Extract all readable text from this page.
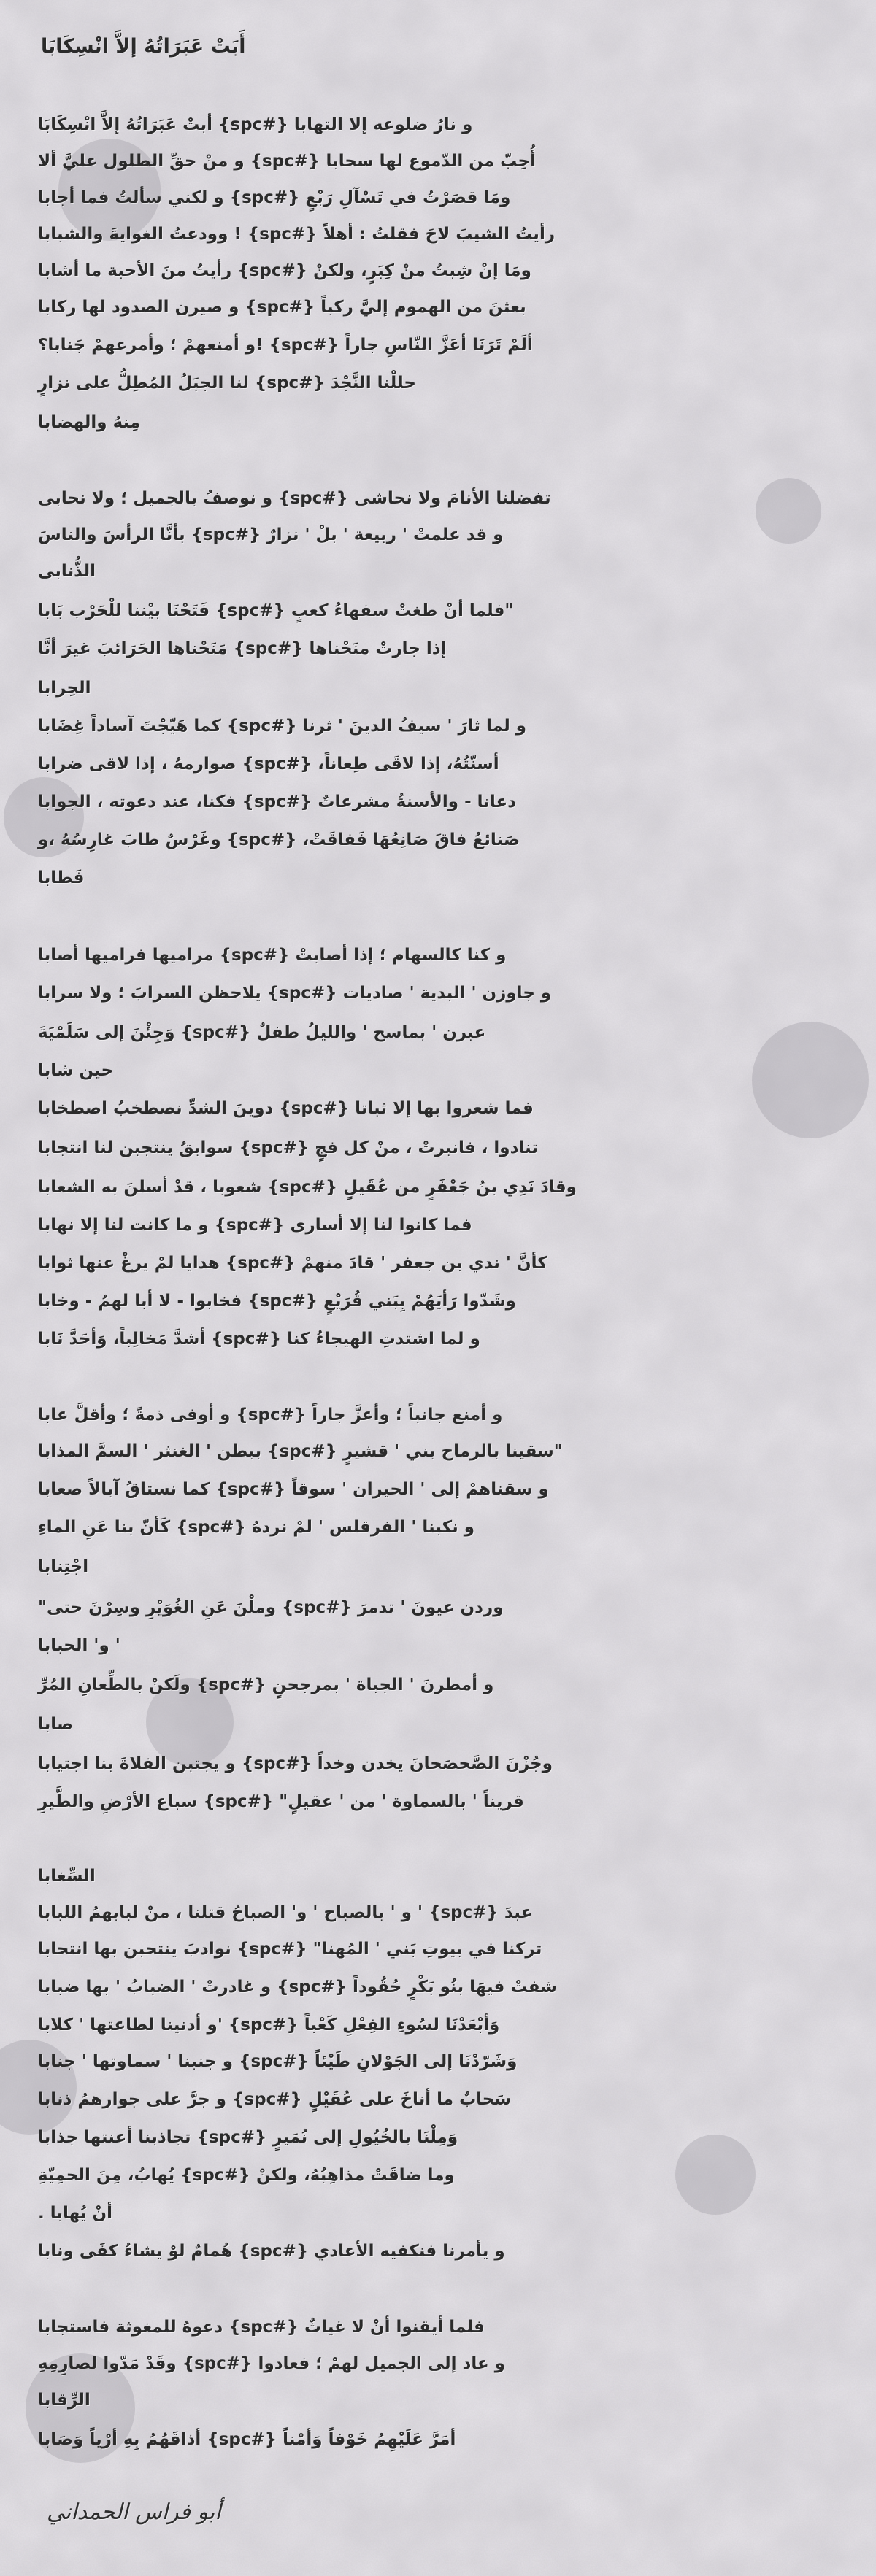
أَبَتْ عَبَرَاتُهُ إلاَّ انْسِكَابَا

و نارُ ضلوعه إلا التهابا {#spc} أبتْ عَبَرَاتُهُ إلاَّ انْسِكَابَا

أُحِبّ من الدّموع لها سحابا {#spc} و منْ حقِّ الطلول عليَّ ألا

ومَا قصَرْتُ في تَسْآلِ رَبْعٍ {#spc} و لكني سألتُ فما أجابا

رأيتُ الشيبَ لاحَ فقلتُ : أهلاً {#spc} ! وودعتُ الغوايةَ والشبابا

ومَا إنْ شِبتُ منْ كِبَرٍ، ولكنْ {#spc} رأيتُ منَ الأحبة ما أشابا

بعثنَ من الهموم إليَّ ركباً {#spc} و صيرن الصدود لها ركابا

ألَمْ تَرَنَا أعَزَّ النّاسِ جاراً {#spc} !و أمنعهمْ ؛ وأمرعهمْ جَنابا؟

حللْنا النَّجْدَ {#spc} لنا الجبَلُ المُطِلُّ على نزارٍ

مِنهُ والهضابا

تفضلنا الأنامَ ولا نحاشى {#spc} و نوصفُ بالجميل ؛ ولا نحابى

و قد علمتْ ' ربيعة ' بلْ ' نزارٌ {#spc} بأنَّا الرأسَ والناسَ

الذُّنابى

"فلما أنْ طغتْ سفهاءُ كعبٍ {#spc} فَتَحْنَا بيْننا للْحَرْب بَابا

إذا جارتْ منَحْناها {#spc} مَنَحْناها الحَرَائبَ غيرَ أنَّا

الحِرابا

و لما ثارَ ' سيفُ الدينَ ' ثرنا {#spc} كما هَيّجْتَ آساداً غِضَابا

أسنّتُهُ، إذا لاقَى طِعاناً، {#spc} صوارمهُ ، إذا لاقى ضرابا

دعانا - والأسنةُ مشرعاتٌ {#spc} فكنا، عند دعوته ، الجوابا

صَنائعُ فاقَ صَانِعُهَا فَفاقَتْ، {#spc} وغَرْسٌ طابَ غارِسُهُ ،و

فَطابا

و كنا كالسهام ؛ إذا أصابتْ {#spc} مراميها فراميها أصابا

و جاوزن ' البدية ' صاديات {#spc} يلاحظن السرابَ ؛ ولا سرابا

عبرن ' بماسح ' والليلُ طفلٌ {#spc} وَجِئْنَ إلى سَلَمْيَةَ

حين شابا

فما شعروا بها إلا ثباتا {#spc} دوينَ الشدِّ نصطخبُ اصطخابا

تنادوا ، فانبرتْ ، منْ كل فجٍ {#spc} سوابقُ ينتجبن لنا انتجابا

وقادَ نَدِي بنُ جَعْفَرٍ من عُقَيلٍ {#spc} شعوبا ، قدْ أسلنَ به الشعابا

فما كانوا لنا إلا أسارى {#spc} و ما كانت لنا إلا نهابا

كأنَّ ' ندي بن جعفر ' قادَ منهمْ {#spc} هدايا لمْ يرغْ عنها ثوابا

وشَدّوا رَأيَهُمْ بِبَني قُرَيْعٍ {#spc} فخابوا - لا أبا لهمُ - وخابا

و لما اشتدتِ الهيجاءُ كنا {#spc} أشدَّ مَخالِباً، وَأحَدَّ نَابا

و أمنع جانباً ؛ وأعزَّ جاراً {#spc} و أوفى ذمةً ؛ وأقلَّ عابا

"سقينا بالرماح بني ' قشيرٍ {#spc} ببطن ' الغنثر ' السمَّ المذابا

و سقناهمْ إلى ' الحيران ' سوقاً {#spc} كما نستاقُ آبالاً صعابا

و نكبنا ' الفرقلس ' لمْ نردهُ {#spc} كَأنّ بنا عَنِ الماءِ

اجْتِنابا

وردن عيونَ ' تدمرَ {#spc} وملْنَ عَنِ الغُوَيْرِ وسِرْنَ حتى"

' و' الحبابا

و أمطرنَ ' الجباة ' بمرجحنٍ {#spc} ولَكنْ بالطِّعانِ المُرِّ

صابا

وجُزْنَ الصَّحصَحانَ يخدن وخداً {#spc} و يجتبن الفلاةَ بنا اجتيابا

قريناً ' بالسماوة ' من ' عقيلٍ" {#spc} سباع الأرْضِ والطَّيرِ

السِّغابا

عبدَ {#spc} ' و ' بالصباح ' و' الصباحُ قتلنا ، منْ لبابهمُ اللبابا

تركنا في بيوتِ بَني ' المُهنا" {#spc} نوادبَ ينتحبن بها انتحابا

شفتْ فيهَا بنُو بَكْرٍ حُقُوداً {#spc} و غادرتْ ' الضبابُ ' بها ضبابا

وَأبْعَدْنَا لسُوءِ الفِعْلِ كَعْباً {#spc} 'و أدنينا لطاعتها ' كلابا

وَشَرّدْنَا إلى الجَوْلانِ طَيْئاً {#spc} و جنبنا ' سماوتها ' جنابا

سَحابٌ ما أناخَ على عُقَيْلٍ {#spc} و جرَّ على جوارهمُ ذنابا

وَمِلْنَا بالخُيُولِ إلى نُمَيرٍ {#spc} تجاذبنا أعنتها جذابا

وما ضاقَتْ مذاهِبُهُ، ولكنْ {#spc} يُهابُ، مِنَ الحمِيّةِ

أنْ يُهابا .

و يأمرنا فنكفيه الأعادي {#spc} هُمامٌ لوْ يشاءُ كفَى ونابا

فلما أيقنوا أنْ لا غياثٌ {#spc} دعوهُ للمغوثة فاستجابا

و عاد إلى الجميل لهمْ ؛ فعادوا {#spc} وقَدْ مَدّوا لصارِمِهِ

الرِّقابا

أمَرَّ عَلَيْهِمُ خَوْفاً وَأمْناً {#spc} أذاقَهُمُ بِهِ أرْياً وَصَابا

أبو فراس الحمداني
